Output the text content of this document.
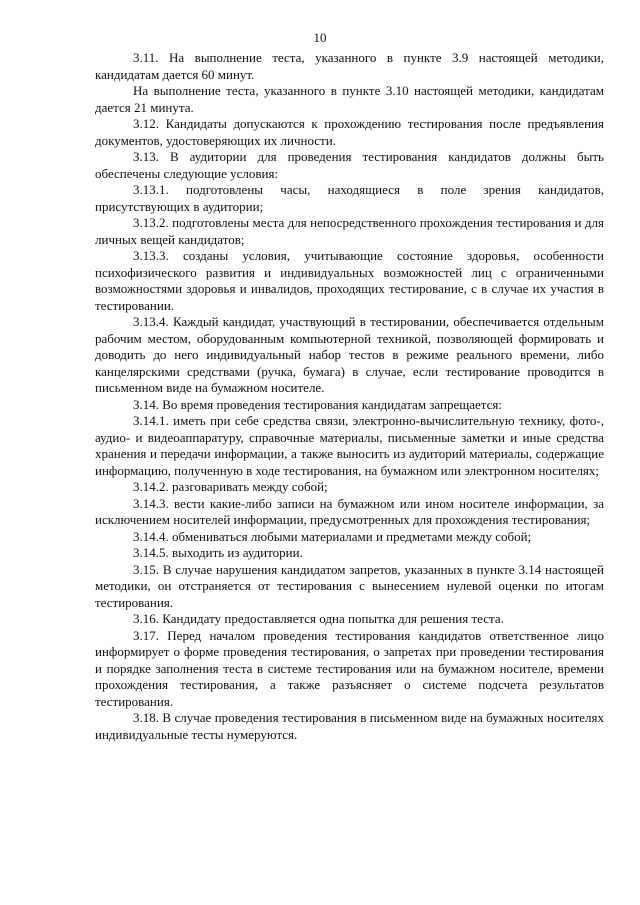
10

3.11. На выполнение теста, указанного в пункте 3.9 настоящей методики, кандидатам дается 60 минут.

На выполнение теста, указанного в пункте 3.10 настоящей методики, кандидатам дается 21 минута.

3.12. Кандидаты допускаются к прохождению тестирования после предъявления документов, удостоверяющих их личности.

3.13. В аудитории для проведения тестирования кандидатов должны быть обеспечены следующие условия:

3.13.1. подготовлены часы, находящиеся в поле зрения кандидатов, присутствующих в аудитории;

3.13.2. подготовлены места для непосредственного прохождения тестирования и для личных вещей кандидатов;

3.13.3. созданы условия, учитывающие состояние здоровья, особенности психофизического развития и индивидуальных возможностей лиц с ограниченными возможностями здоровья и инвалидов, проходящих тестирование, с в случае их участия в тестировании.

3.13.4. Каждый кандидат, участвующий в тестировании, обеспечивается отдельным рабочим местом, оборудованным компьютерной техникой, позволяющей формировать и доводить до него индивидуальный набор тестов в режиме реального времени, либо канцелярскими средствами (ручка, бумага) в случае, если тестирование проводится в письменном виде на бумажном носителе.

3.14. Во время проведения тестирования кандидатам запрещается:

3.14.1. иметь при себе средства связи, электронно-вычислительную технику, фото-, аудио- и видеоаппаратуру, справочные материалы, письменные заметки и иные средства хранения и передачи информации, а также выносить из аудиторий материалы, содержащие информацию, полученную в ходе тестирования, на бумажном или электронном носителях;

3.14.2. разговаривать между собой;

3.14.3. вести какие-либо записи на бумажном или ином носителе информации, за исключением носителей информации, предусмотренных для прохождения тестирования;

3.14.4. обмениваться любыми материалами и предметами между собой;

3.14.5. выходить из аудитории.

3.15. В случае нарушения кандидатом запретов, указанных в пункте 3.14 настоящей методики, он отстраняется от тестирования с вынесением нулевой оценки по итогам тестирования.

3.16. Кандидату предоставляется одна попытка для решения теста.

3.17. Перед началом проведения тестирования кандидатов ответственное лицо информирует о форме проведения тестирования, о запретах при проведении тестирования и порядке заполнения теста в системе тестирования или на бумажном носителе, времени прохождения тестирования, а также разъясняет о системе подсчета результатов тестирования.

3.18. В случае проведения тестирования в письменном виде на бумажных носителях индивидуальные тесты нумеруются.
